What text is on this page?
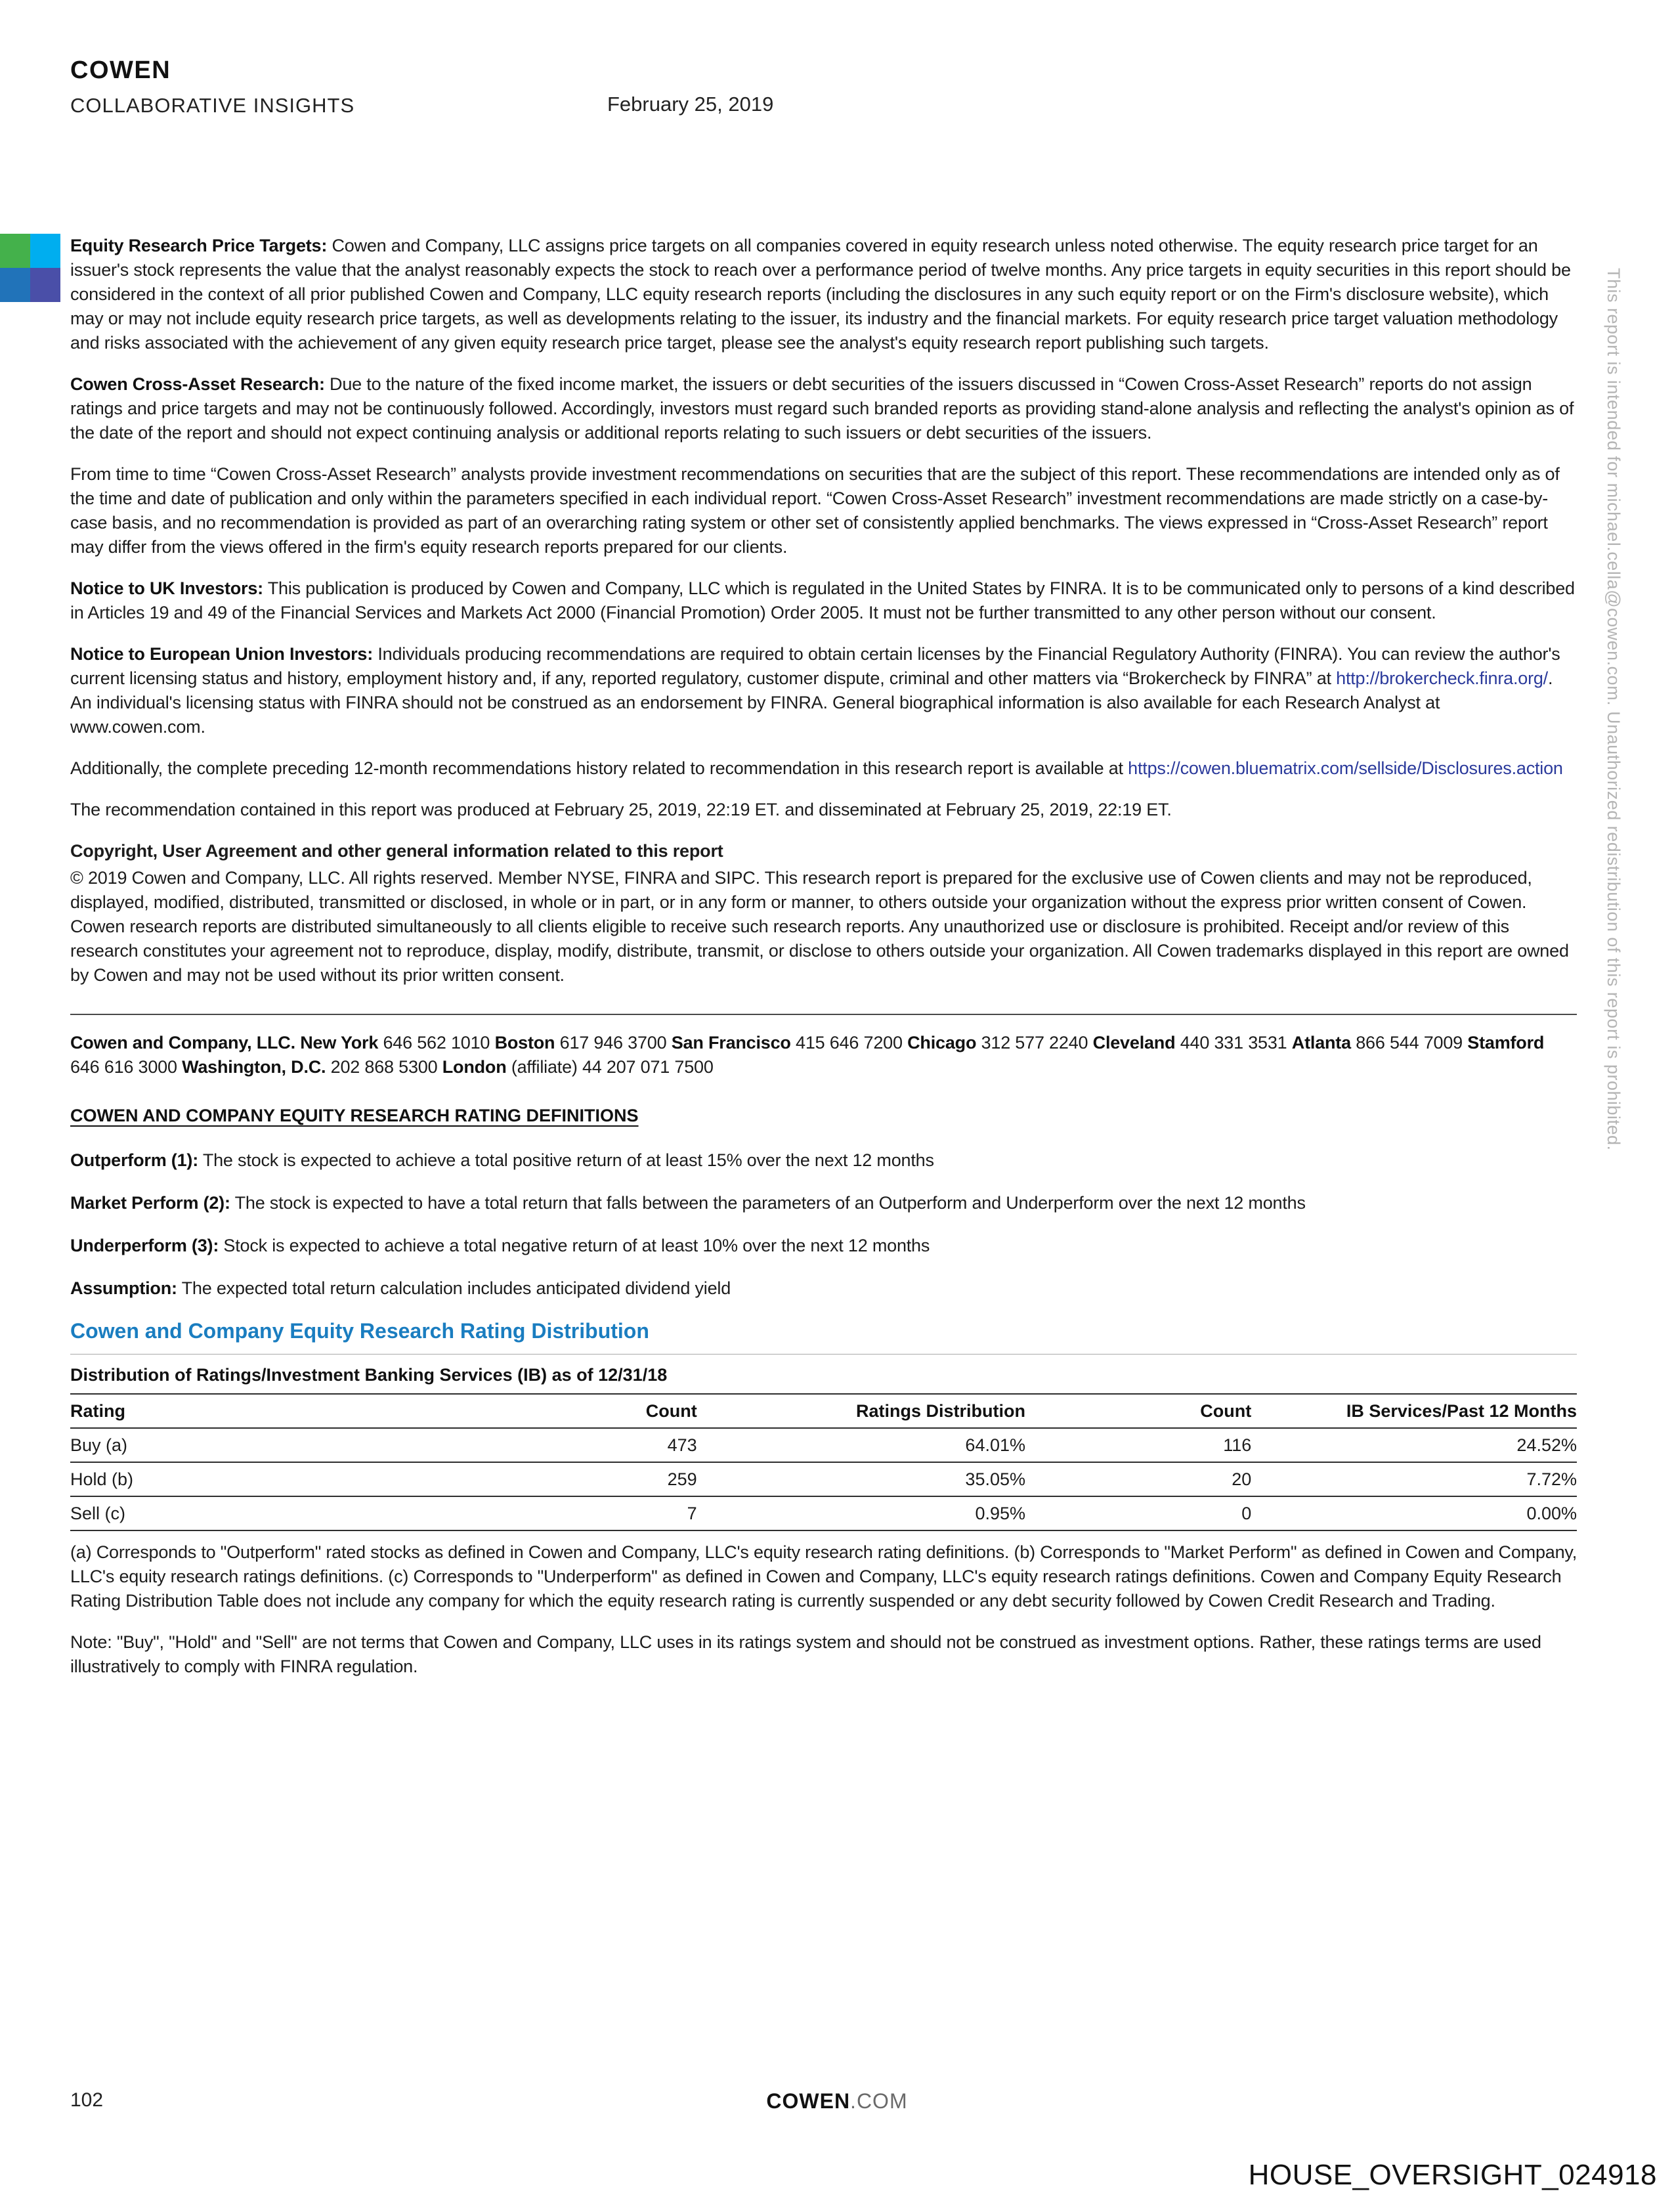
COWEN
COLLABORATIVE INSIGHTS	February 25, 2019
This report is intended for michael.cella@cowen.com. Unauthorized redistribution of this report is prohibited.

Equity Research Price Targets: Cowen and Company, LLC assigns price targets on all companies covered in equity research unless noted otherwise. The equity research price target for an issuer's stock represents the value that the analyst reasonably expects the stock to reach over a performance period of twelve months. Any price targets in equity securities in this report should be considered in the context of all prior published Cowen and Company, LLC equity research reports (including the disclosures in any such equity report or on the Firm's disclosure website), which may or may not include equity research price targets, as well as developments relating to the issuer, its industry and the financial markets. For equity research price target valuation methodology and risks associated with the achievement of any given equity research price target, please see the analyst's equity research report publishing such targets.

Cowen Cross-Asset Research: Due to the nature of the fixed income market, the issuers or debt securities of the issuers discussed in “Cowen Cross-Asset Research” reports do not assign ratings and price targets and may not be continuously followed. Accordingly, investors must regard such branded reports as providing stand-alone analysis and reflecting the analyst's opinion as of the date of the report and should not expect continuing analysis or additional reports relating to such issuers or debt securities of the issuers.

From time to time “Cowen Cross-Asset Research” analysts provide investment recommendations on securities that are the subject of this report. These recommendations are intended only as of the time and date of publication and only within the parameters specified in each individual report. “Cowen Cross-Asset Research” investment recommendations are made strictly on a case-by-case basis, and no recommendation is provided as part of an overarching rating system or other set of consistently applied benchmarks. The views expressed in “Cross-Asset Research” report may differ from the views offered in the firm's equity research reports prepared for our clients.

Notice to UK Investors: This publication is produced by Cowen and Company, LLC which is regulated in the United States by FINRA. It is to be communicated only to persons of a kind described in Articles 19 and 49 of the Financial Services and Markets Act 2000 (Financial Promotion) Order 2005. It must not be further transmitted to any other person without our consent.

Notice to European Union Investors: Individuals producing recommendations are required to obtain certain licenses by the Financial Regulatory Authority (FINRA). You can review the author's current licensing status and history, employment history and, if any, reported regulatory, customer dispute, criminal and other matters via “Brokercheck by FINRA” at http://brokercheck.finra.org/. An individual's licensing status with FINRA should not be construed as an endorsement by FINRA. General biographical information is also available for each Research Analyst at www.cowen.com.

Additionally, the complete preceding 12-month recommendations history related to recommendation in this research report is available at https://cowen.bluematrix.com/sellside/Disclosures.action

The recommendation contained in this report was produced at February 25, 2019, 22:19 ET. and disseminated at February 25, 2019, 22:19 ET.

Copyright, User Agreement and other general information related to this report

© 2019 Cowen and Company, LLC. All rights reserved. Member NYSE, FINRA and SIPC. This research report is prepared for the exclusive use of Cowen clients and may not be reproduced, displayed, modified, distributed, transmitted or disclosed, in whole or in part, or in any form or manner, to others outside your organization without the express prior written consent of Cowen. Cowen research reports are distributed simultaneously to all clients eligible to receive such research reports. Any unauthorized use or disclosure is prohibited. Receipt and/or review of this research constitutes your agreement not to reproduce, display, modify, distribute, transmit, or disclose to others outside your organization. All Cowen trademarks displayed in this report are owned by Cowen and may not be used without its prior written consent.

Cowen and Company, LLC. New York 646 562 1010 Boston 617 946 3700 San Francisco 415 646 7200 Chicago 312 577 2240 Cleveland 440 331 3531 Atlanta 866 544 7009 Stamford 646 616 3000 Washington, D.C. 202 868 5300 London (affiliate) 44 207 071 7500

COWEN AND COMPANY EQUITY RESEARCH RATING DEFINITIONS

Outperform (1): The stock is expected to achieve a total positive return of at least 15% over the next 12 months

Market Perform (2): The stock is expected to have a total return that falls between the parameters of an Outperform and Underperform over the next 12 months

Underperform (3): Stock is expected to achieve a total negative return of at least 10% over the next 12 months

Assumption: The expected total return calculation includes anticipated dividend yield

Cowen and Company Equity Research Rating Distribution
Distribution of Ratings/Investment Banking Services (IB) as of 12/31/18
Rating	Count	Ratings Distribution	Count	IB Services/Past 12 Months
Buy (a)	473	64.01%	116	24.52%
Hold (b)	259	35.05%	20	7.72%
Sell (c)	7	0.95%	0	0.00%

(a) Corresponds to "Outperform" rated stocks as defined in Cowen and Company, LLC's equity research rating definitions. (b) Corresponds to "Market Perform" as defined in Cowen and Company, LLC's equity research ratings definitions. (c) Corresponds to "Underperform" as defined in Cowen and Company, LLC's equity research ratings definitions. Cowen and Company Equity Research Rating Distribution Table does not include any company for which the equity research rating is currently suspended or any debt security followed by Cowen Credit Research and Trading.

Note: "Buy", "Hold" and "Sell" are not terms that Cowen and Company, LLC uses in its ratings system and should not be construed as investment options. Rather, these ratings terms are used illustratively to comply with FINRA regulation.

102	COWEN.COM
HOUSE_OVERSIGHT_024918
